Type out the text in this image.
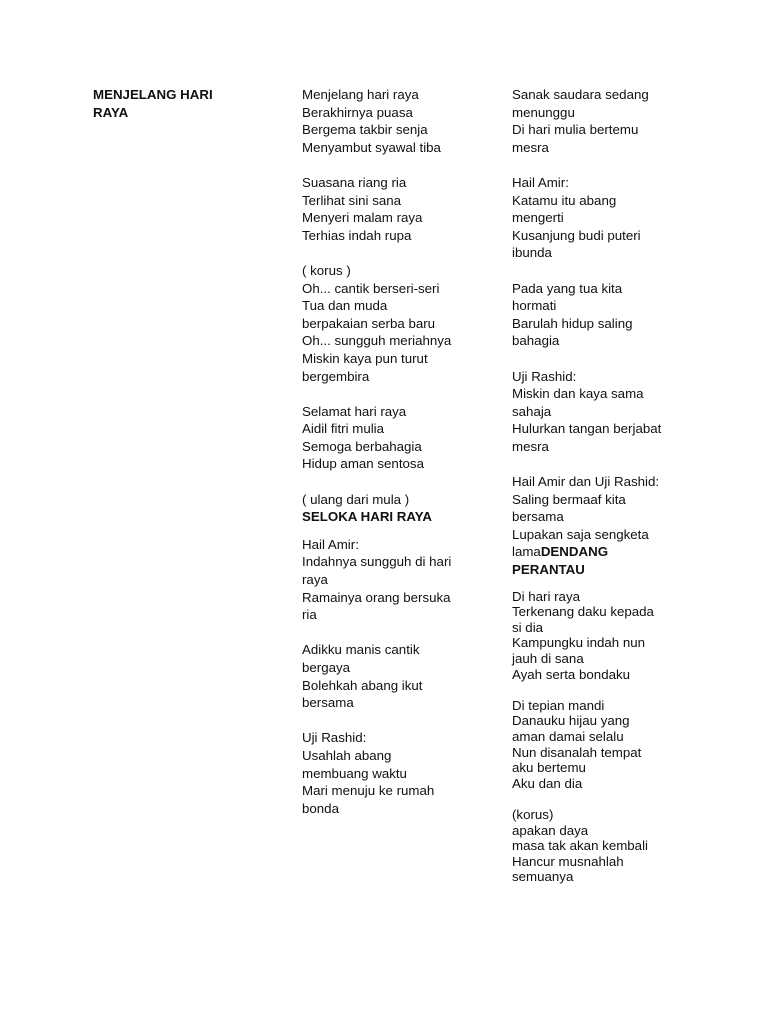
MENJELANG HARI
RAYA
Menjelang hari raya
Berakhirnya puasa
Bergema takbir senja
Menyambut syawal tiba
Suasana riang ria
Terlihat sini sana
Menyeri malam raya
Terhias indah rupa
( korus )
Oh... cantik berseri-seri
Tua dan muda
berpakaian serba baru
Oh... sungguh meriahnya
Miskin kaya pun turut
bergembira
Selamat hari raya
Aidil fitri mulia
Semoga berbahagia
Hidup aman sentosa
( ulang dari mula )
SELOKA HARI RAYA
Hail Amir:
Indahnya sungguh di hari
raya
Ramainya orang bersuka
ria
Adikku manis cantik
bergaya
Bolehkah abang ikut
bersama
Uji Rashid:
Usahlah abang
membuang waktu
Mari menuju ke rumah
bonda
Sanak saudara sedang
menunggu
Di hari mulia bertemu
mesra
Hail Amir:
Katamu itu abang
mengerti
Kusanjung budi puteri
ibunda
Pada yang tua kita
hormati
Barulah hidup saling
bahagia
Uji Rashid:
Miskin dan kaya sama
sahaja
Hulurkan tangan berjabat
mesra
Hail Amir dan Uji Rashid:
Saling bermaaf kita
bersama
Lupakan saja sengketa
lamaDENDANG
PERANTAU
Di hari raya
Terkenang daku kepada
si dia
Kampungku indah nun
jauh di sana
Ayah serta bondaku
Di tepian mandi
Danauku hijau yang
aman damai selalu
Nun disanalah tempat
aku bertemu
Aku dan dia
(korus)
apakan daya
masa tak akan kembali
Hancur musnahlah
semuanya
